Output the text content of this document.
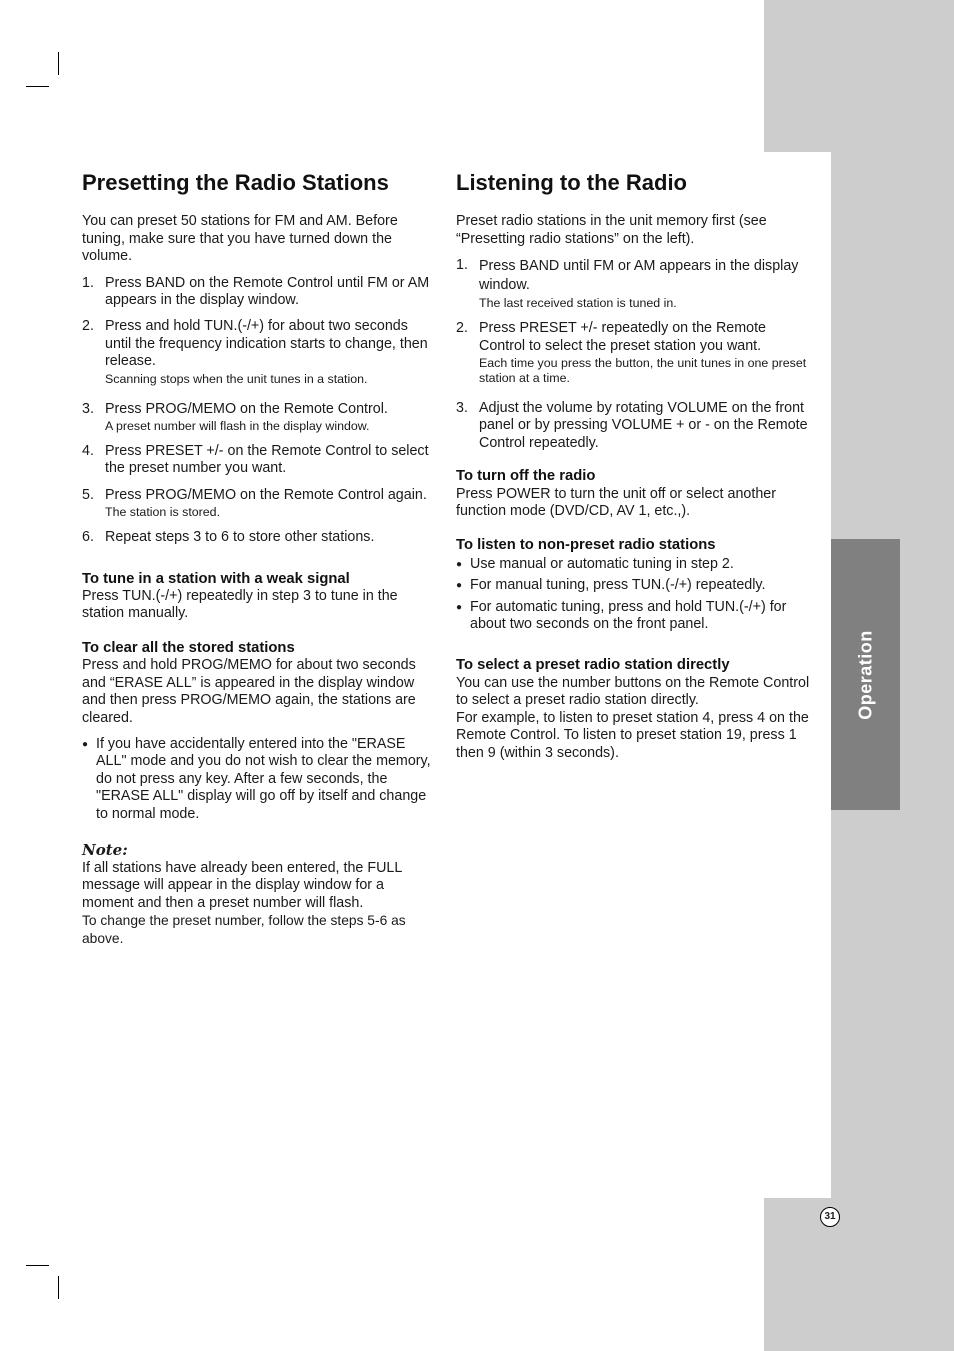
Operation
Presetting the Radio Stations

You can preset 50 stations for FM and AM. Before tuning, make sure that you have turned down the volume.

1. Press BAND on the Remote Control until FM or AM appears in the display window.
2. Press and hold TUN.(-/+) for about two seconds until the frequency indication starts to change, then release.
Scanning stops when the unit tunes in a station.
3. Press PROG/MEMO on the Remote Control.
A preset number will flash in the display window.
4. Press PRESET +/- on the Remote Control to select the preset number you want.
5. Press PROG/MEMO on the Remote Control again.
The station is stored.
6. Repeat steps 3 to 6 to store other stations.
To tune in a station with a weak signal

Press TUN.(-/+) repeatedly in step 3 to tune in the station manually.

To clear all the stored stations

Press and hold PROG/MEMO for about two seconds and “ERASE ALL” is appeared in the display window and then press PROG/MEMO again, the stations are cleared.

● If you have accidentally entered into the "ERASE ALL" mode and you do not wish to clear the memory, do not press any key. After a few seconds, the "ERASE ALL" display will go off by itself and change to normal mode.

Note:

If all stations have already been entered, the FULL message will appear in the display window for a moment and then a preset number will flash.

To change the preset number, follow the steps 5-6 as above.

Listening to the Radio

Preset radio stations in the unit memory first (see “Presetting radio stations” on the left).

1. Press BAND until FM or AM appears in the display window.
The last received station is tuned in.
2. Press PRESET +/- repeatedly on the Remote Control to select the preset station you want.
Each time you press the button, the unit tunes in one preset station at a time.
3. Adjust the volume by rotating VOLUME on the front panel or by pressing VOLUME + or - on the Remote Control repeatedly.
To turn off the radio

Press POWER to turn the unit off or select another function mode (DVD/CD, AV 1, etc.,).

To listen to non-preset radio stations
● Use manual or automatic tuning in step 2.
● For manual tuning, press TUN.(-/+) repeatedly.
● For automatic tuning, press and hold TUN.(-/+) for about two seconds on the front panel.
To select a preset radio station directly

You can use the number buttons on the Remote Control to select a preset radio station directly.

For example, to listen to preset station 4, press 4 on the Remote Control. To listen to preset station 19, press 1 then 9 (within 3 seconds).

31
